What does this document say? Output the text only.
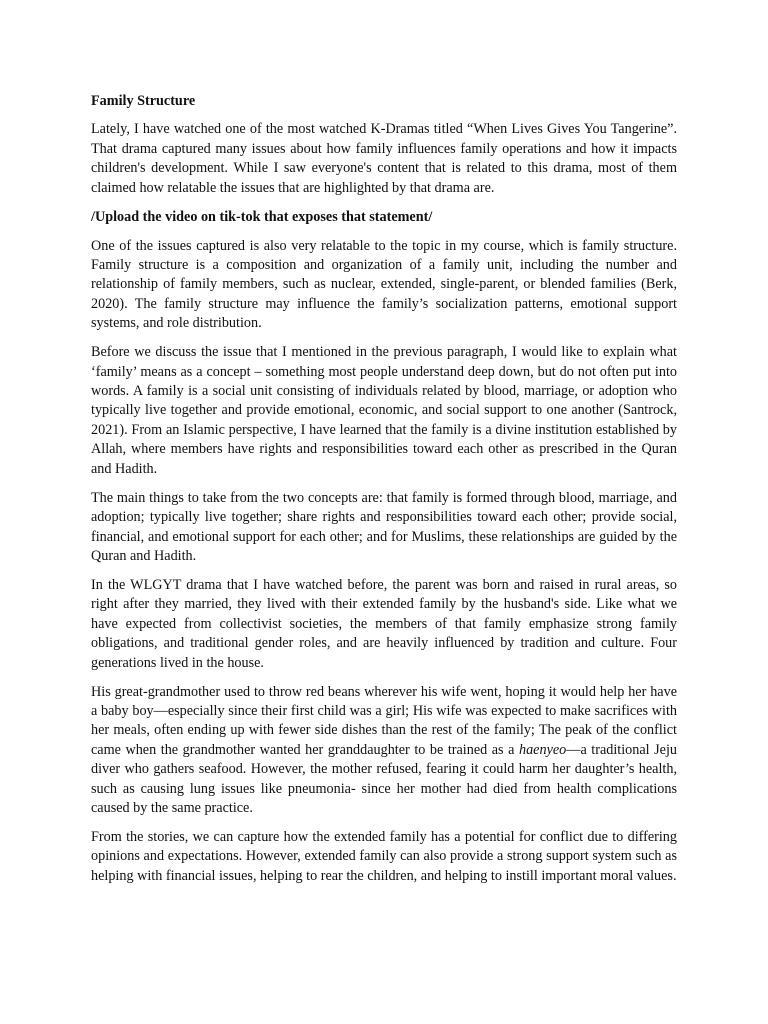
Family Structure

Lately, I have watched one of the most watched K-Dramas titled “When Lives Gives You Tangerine”. That drama captured many issues about how family influences family operations and how it impacts children's development. While I saw everyone's content that is related to this drama, most of them claimed how relatable the issues that are highlighted by that drama are.

/Upload the video on tik-tok that exposes that statement/

One of the issues captured is also very relatable to the topic in my course, which is family structure. Family structure is a composition and organization of a family unit, including the number and relationship of family members, such as nuclear, extended, single-parent, or blended families (Berk, 2020). The family structure may influence the family’s socialization patterns, emotional support systems, and role distribution.

Before we discuss the issue that I mentioned in the previous paragraph, I would like to explain what ‘family’ means as a concept – something most people understand deep down, but do not often put into words. A family is a social unit consisting of individuals related by blood, marriage, or adoption who typically live together and provide emotional, economic, and social support to one another (Santrock, 2021). From an Islamic perspective, I have learned that the family is a divine institution established by Allah, where members have rights and responsibilities toward each other as prescribed in the Quran and Hadith.

The main things to take from the two concepts are: that family is formed through blood, marriage, and adoption; typically live together; share rights and responsibilities toward each other; provide social, financial, and emotional support for each other; and for Muslims, these relationships are guided by the Quran and Hadith.

In the WLGYT drama that I have watched before, the parent was born and raised in rural areas, so right after they married, they lived with their extended family by the husband's side. Like what we have expected from collectivist societies, the members of that family emphasize strong family obligations, and traditional gender roles, and are heavily influenced by tradition and culture. Four generations lived in the house.

His great-grandmother used to throw red beans wherever his wife went, hoping it would help her have a baby boy—especially since their first child was a girl; His wife was expected to make sacrifices with her meals, often ending up with fewer side dishes than the rest of the family; The peak of the conflict came when the grandmother wanted her granddaughter to be trained as a haenyeo—a traditional Jeju diver who gathers seafood. However, the mother refused, fearing it could harm her daughter’s health, such as causing lung issues like pneumonia- since her mother had died from health complications caused by the same practice.

From the stories, we can capture how the extended family has a potential for conflict due to differing opinions and expectations. However, extended family can also provide a strong support system such as helping with financial issues, helping to rear the children, and helping to instill important moral values.
